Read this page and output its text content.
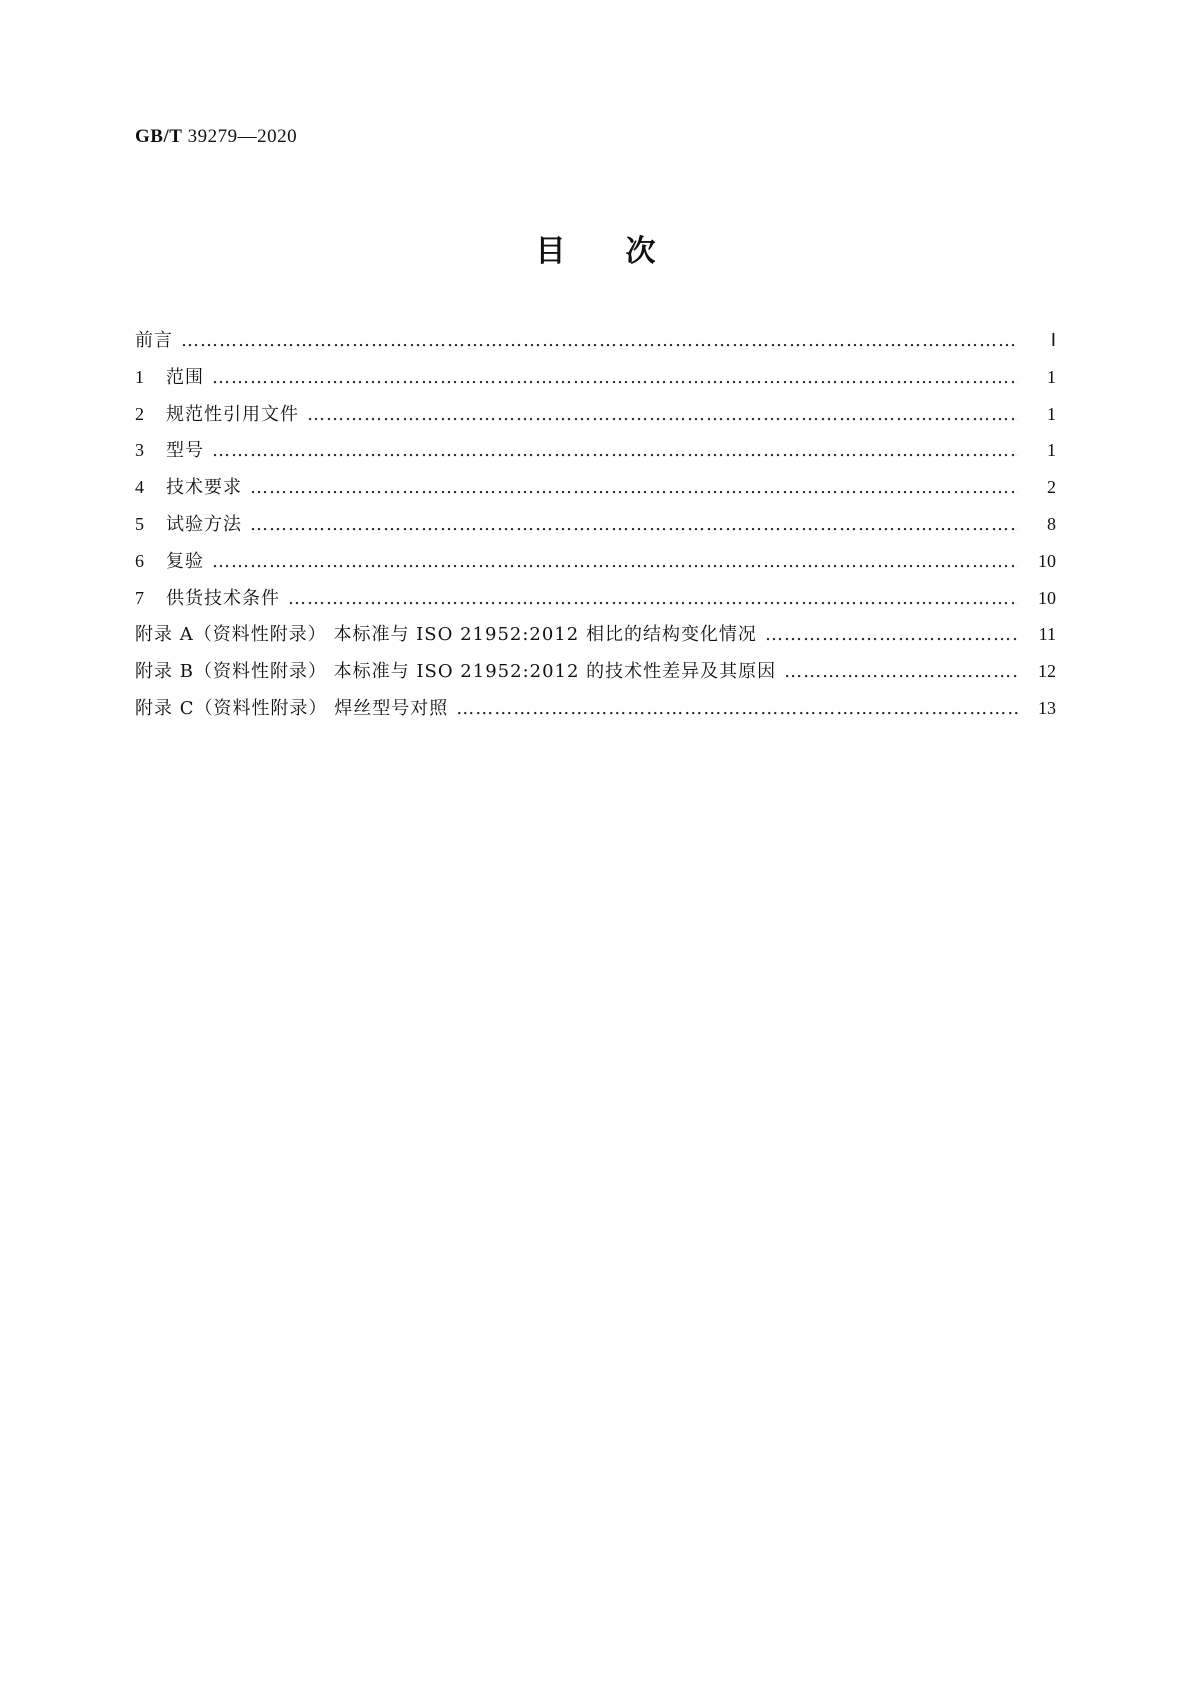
GB/T 39279—2020
目 次
前言 …………………………………………………………………………………………………………………………………………………………………………………………………………	Ⅰ
1	范围 …………………………………………………………………………………………………………………………………………………………………………………………………………	1
2	规范性引用文件 …………………………………………………………………………………………………………………………………………………………………………………………………………	1
3	型号 …………………………………………………………………………………………………………………………………………………………………………………………………………	1
4	技术要求 …………………………………………………………………………………………………………………………………………………………………………………………………………	2
5	试验方法 …………………………………………………………………………………………………………………………………………………………………………………………………………	8
6	复验 …………………………………………………………………………………………………………………………………………………………………………………………………………	10
7	供货技术条件 …………………………………………………………………………………………………………………………………………………………………………………………………………	10
附录 A（资料性附录） 本标准与 ISO 21952:2012 相比的结构变化情况 …………………………………………………………………………………………………………………………………………………………………………………………………………	11
附录 B（资料性附录） 本标准与 ISO 21952:2012 的技术性差异及其原因 …………………………………………………………………………………………………………………………………………………………………………………………………………	12
附录 C（资料性附录） 焊丝型号对照 …………………………………………………………………………………………………………………………………………………………………………………………………………	13
